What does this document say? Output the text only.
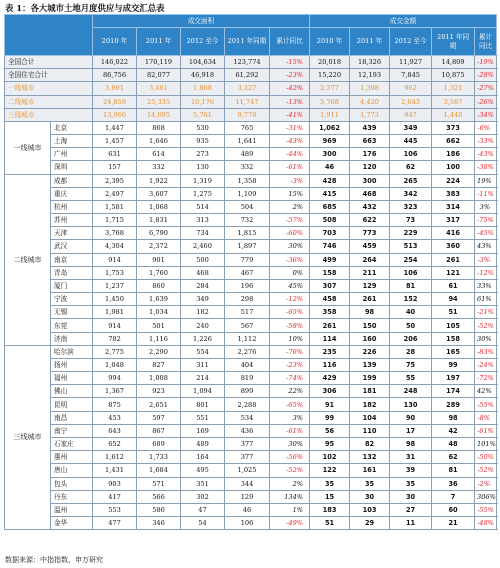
表 1：各大城市土地月度供应与成交汇总表
		成交面积					成交金额				
		2010 年	2011 年	2012 至今	2011 年同期	累计同比	2010 年	2011 年	2012 至今	2011 年同期	累计同比
全国合计		146,022	170,119	104,634	123,774	-15%	20,018	18,326	11,927	14,809	-19%
全国住宅合计		86,756	82,077	46,918	61,292	-23%	15,220	12,193	7,845	10,875	-28%
一线城市		3,691	3,461	1,868	3,227	-42%	2,377	1,398	962	1,321	-27%
二线城市		24,858	25,335	10,176	11,747	-13%	5,768	4,420	2,643	3,587	-26%
三线城市		13,966	14,695	5,761	9,778	-41%	1,911	1,773	947	1,440	-34%
一线城市	北京	1,447	868	530	765	-31%	1,062	439	349	373	-6%
	上海	1,457	1,646	935	1,641	-43%	969	663	445	662	-33%
	广州	631	614	273	489	-44%	300	176	106	186	-43%
	深圳	157	332	130	332	-61%	46	120	62	100	-38%
二线城市	成都	2,395	1,922	1,319	1,358	-3%	428	300	265	224	19%
	重庆	2,497	3,607	1,275	1,109	15%	415	468	342	383	-11%
	杭州	1,581	1,068	514	504	2%	685	432	323	314	3%
	苏州	1,715	1,831	313	732	-57%	508	622	73	317	-75%
	天津	3,768	6,790	734	1,815	-60%	703	773	229	416	-45%
	武汉	4,304	2,372	2,460	1,897	30%	746	459	513	360	43%
	南京	914	901	500	779	-36%	499	264	254	261	-3%
	青岛	1,753	1,760	468	467	0%	158	211	106	121	-12%
	厦门	1,237	860	284	196	45%	307	129	81	61	33%
	宁波	1,450	1,639	349	298	-12%	458	261	152	94	61%
	无锡	1,981	1,034	182	517	-65%	358	98	40	51	-21%
	东莞	914	501	240	567	-58%	261	150	50	105	-52%
	济南	782	1,116	1,226	1,112	10%	114	160	206	158	30%
三线城市	哈尔滨	2,775	2,290	554	2,276	-76%	235	226	28	165	-83%
	扬州	1,048	827	311	404	-23%	116	139	75	99	-24%
	福州	994	1,008	214	819	-74%	429	199	55	197	-72%
	佛山	1,367	923	1,094	899	22%	306	181	248	174	42%
	昆明	875	2,651	801	2,288	-65%	91	182	130	289	-55%
	南昌	453	597	551	534	3%	99	104	90	98	-8%
	南宁	643	867	169	436	-61%	56	110	17	42	-61%
	石家庄	652	689	489	377	30%	95	82	98	48	101%
	惠州	1,612	1,733	164	377	-56%	102	132	31	62	-50%
	唐山	1,431	1,684	495	1,025	-52%	122	161	39	81	-52%
	包头	903	571	351	344	2%	35	35	35	36	-2%
	丹东	417	566	302	129	134%	15	30	30	7	306%
	温州	553	586	47	46	1%	183	103	27	60	-55%
	金华	477	346	54	106	-49%	51	29	11	21	-48%
数据来源：中指指数、申万研究
